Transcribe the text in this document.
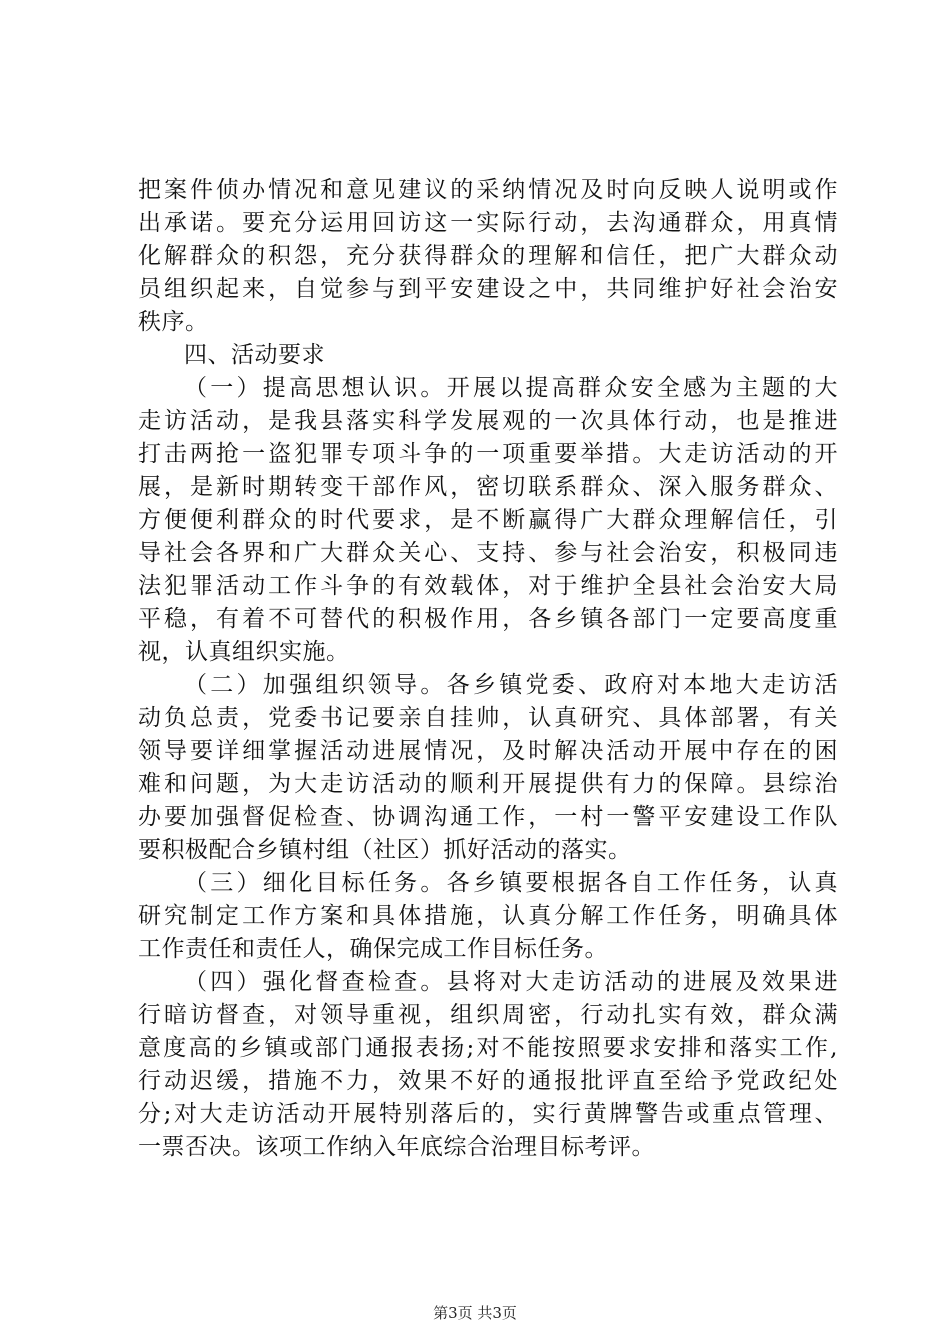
把案件侦办情况和意见建议的采纳情况及时向反映人说明或作
出承诺。要充分运用回访这一实际行动，去沟通群众，用真情
化解群众的积怨，充分获得群众的理解和信任，把广大群众动
员组织起来，自觉参与到平安建设之中，共同维护好社会治安
秩序。
四、活动要求
（一）提高思想认识。开展以提高群众安全感为主题的大
走访活动，是我县落实科学发展观的一次具体行动，也是推进
打击两抢一盗犯罪专项斗争的一项重要举措。大走访活动的开
展，是新时期转变干部作风，密切联系群众、深入服务群众、
方便便利群众的时代要求，是不断赢得广大群众理解信任，引
导社会各界和广大群众关心、支持、参与社会治安，积极同违
法犯罪活动工作斗争的有效载体，对于维护全县社会治安大局
平稳，有着不可替代的积极作用，各乡镇各部门一定要高度重
视，认真组织实施。
（二）加强组织领导。各乡镇党委、政府对本地大走访活
动负总责，党委书记要亲自挂帅，认真研究、具体部署，有关
领导要详细掌握活动进展情况，及时解决活动开展中存在的困
难和问题，为大走访活动的顺利开展提供有力的保障。县综治
办要加强督促检查、协调沟通工作，一村一警平安建设工作队
要积极配合乡镇村组（社区）抓好活动的落实。
（三）细化目标任务。各乡镇要根据各自工作任务，认真
研究制定工作方案和具体措施，认真分解工作任务，明确具体
工作责任和责任人，确保完成工作目标任务。
（四）强化督查检查。县将对大走访活动的进展及效果进
行暗访督查，对领导重视，组织周密，行动扎实有效，群众满
意度高的乡镇或部门通报表扬;对不能按照要求安排和落实工作,
行动迟缓，措施不力，效果不好的通报批评直至给予党政纪处
分;对大走访活动开展特别落后的，实行黄牌警告或重点管理、
一票否决。该项工作纳入年底综合治理目标考评。
第3页 共3页
